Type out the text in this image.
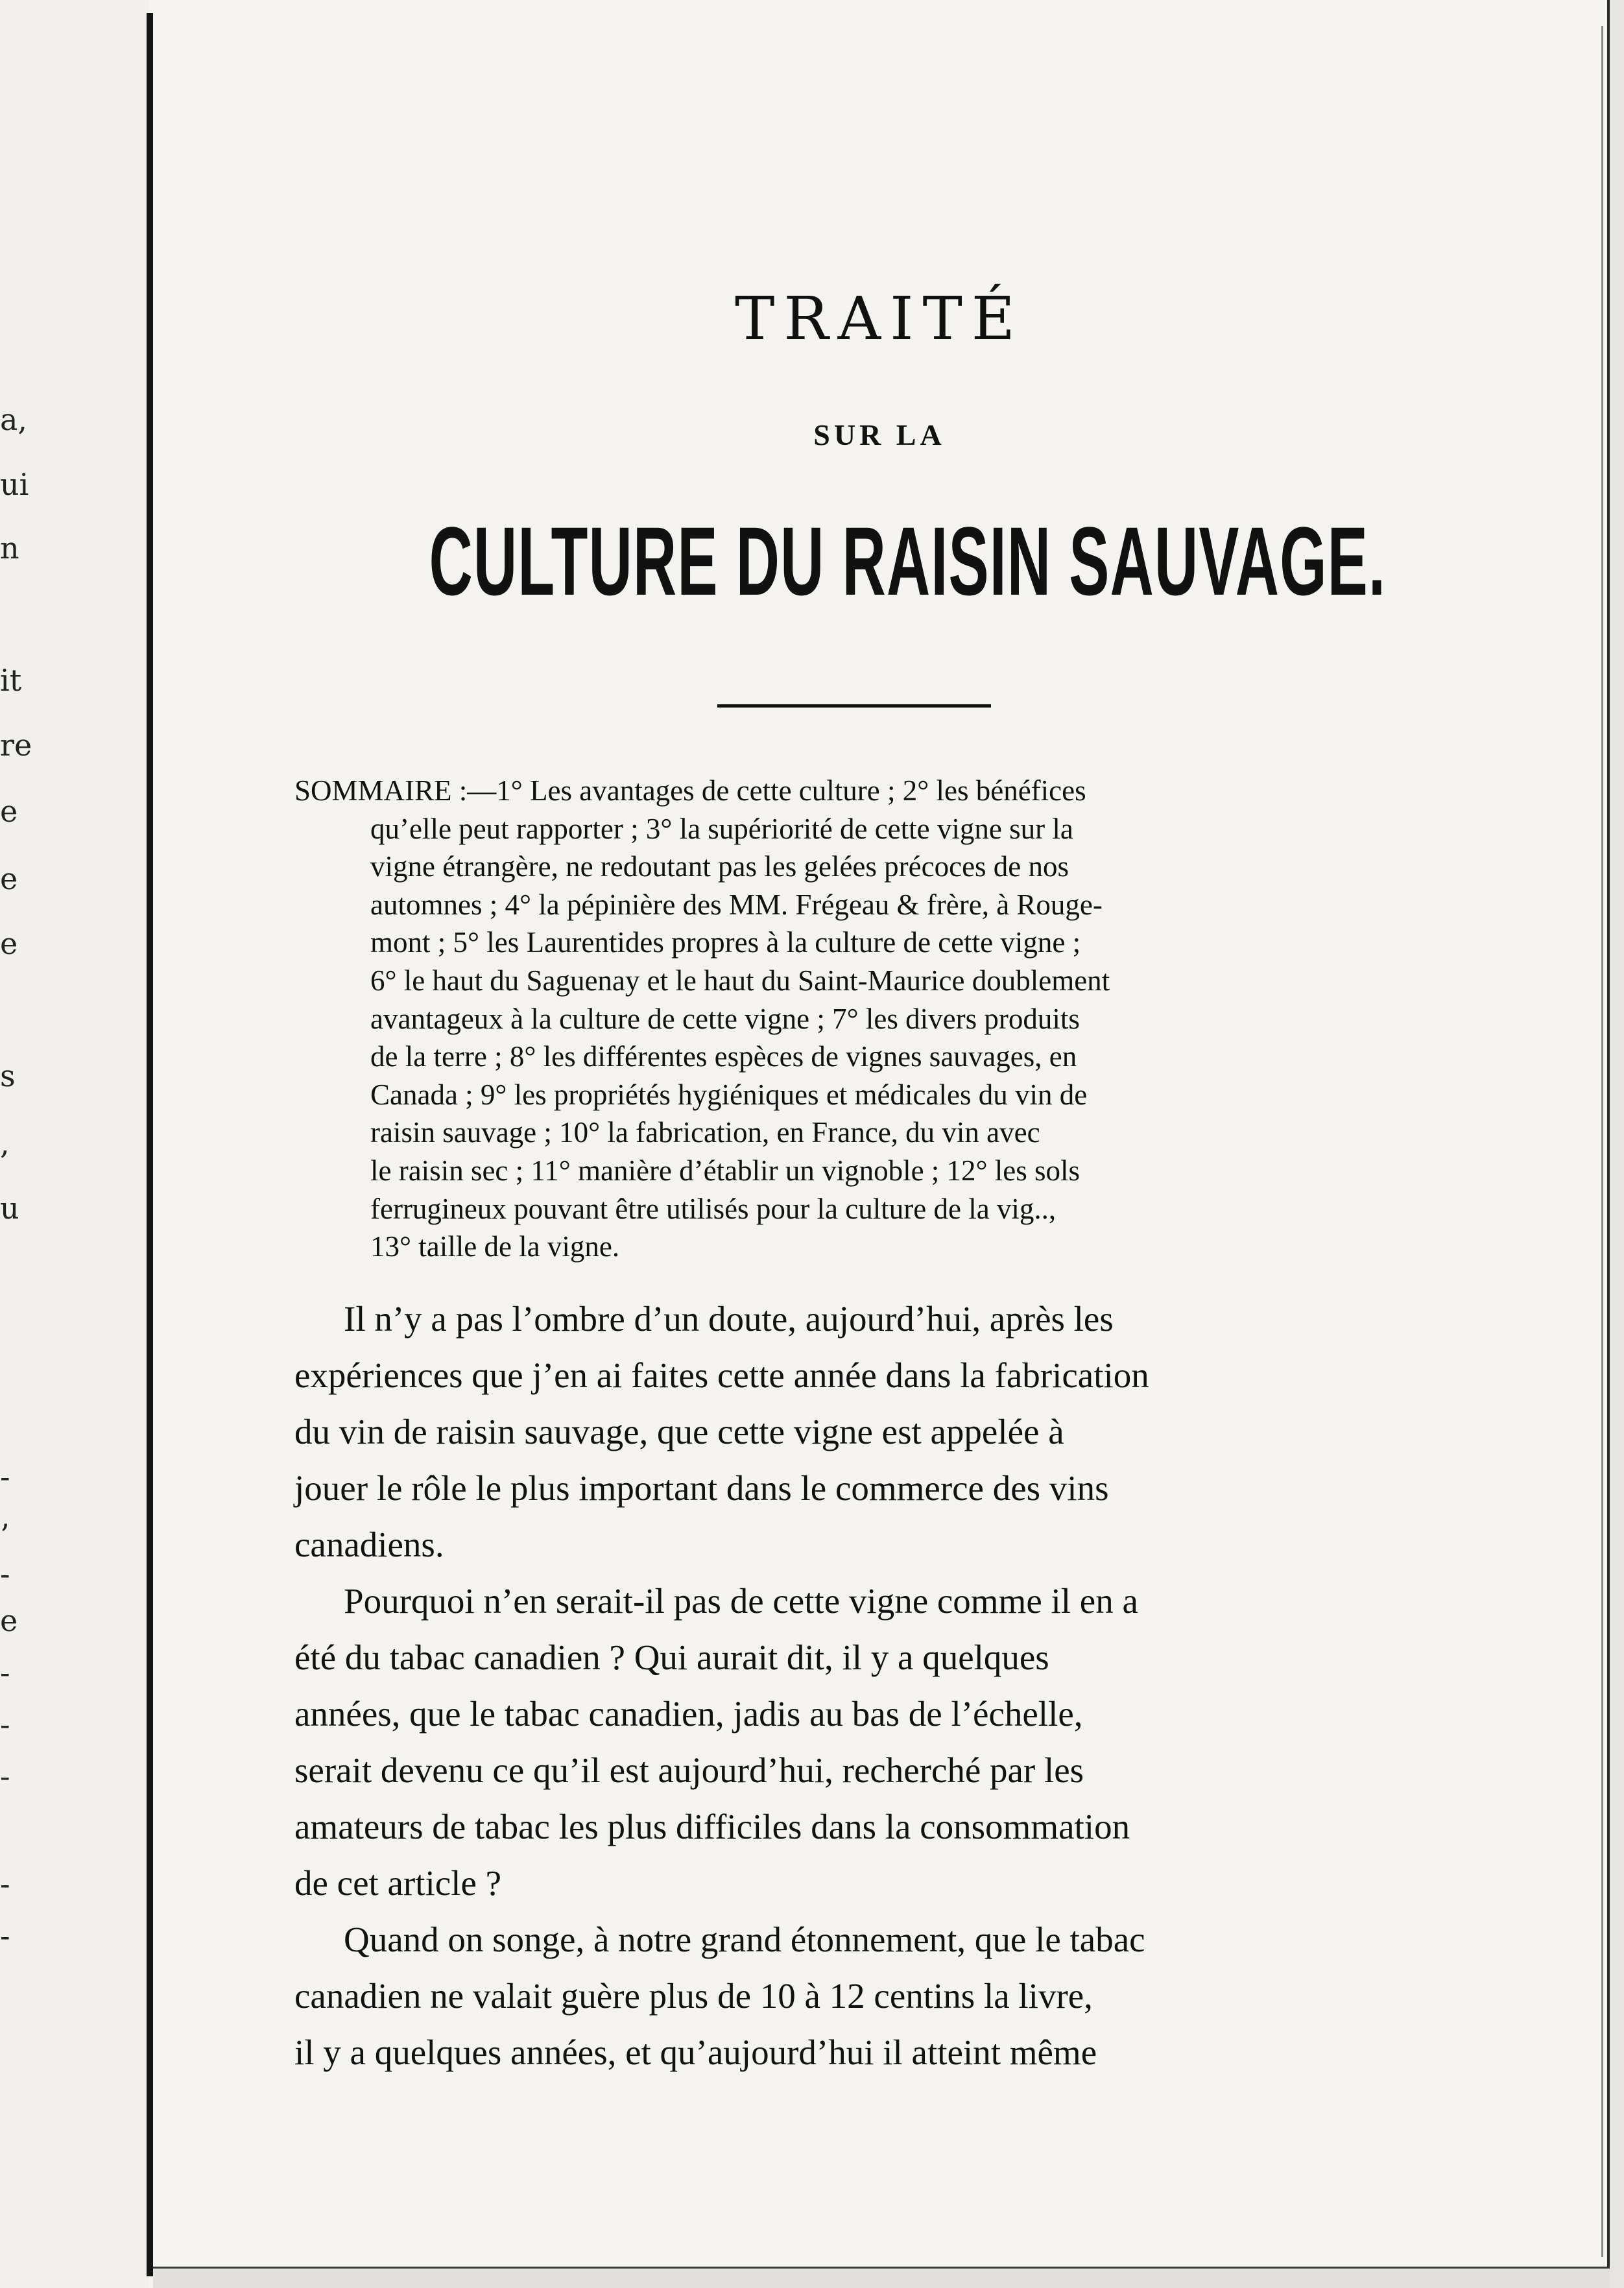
a,
ui
n
it
re
e
e
e
s
,
u
-
’
-
e
-
-
-
-
-
TRAITÉ
SUR LA
CULTURE DU RAISIN SAUVAGE.
SOMMAIRE :—1° Les avantages de cette culture ; 2° les bénéfices
qu’elle peut rapporter ; 3° la supériorité de cette vigne sur la
vigne étrangère, ne redoutant pas les gelées précoces de nos
automnes ; 4° la pépinière des MM. Frégeau & frère, à Rouge-
mont ; 5° les Laurentides propres à la culture de cette vigne ;
6° le haut du Saguenay et le haut du Saint-Maurice doublement
avantageux à la culture de cette vigne ; 7° les divers produits
de la terre ; 8° les différentes espèces de vignes sauvages, en
Canada ; 9° les propriétés hygiéniques et médicales du vin de
raisin sauvage ; 10° la fabrication, en France, du vin avec
le raisin sec ; 11° manière d’établir un vignoble ; 12° les sols
ferrugineux pouvant être utilisés pour la culture de la vig..,
13° taille de la vigne.
Il n’y a pas l’ombre d’un doute, aujourd’hui, après les
expériences que j’en ai faites cette année dans la fabrication
du vin de raisin sauvage, que cette vigne est appelée à
jouer le rôle le plus important dans le commerce des vins
canadiens.
Pourquoi n’en serait-il pas de cette vigne comme il en a
été du tabac canadien ? Qui aurait dit, il y a quelques
années, que le tabac canadien, jadis au bas de l’échelle,
serait devenu ce qu’il est aujourd’hui, recherché par les
amateurs de tabac les plus difficiles dans la consommation
de cet article ?
Quand on songe, à notre grand étonnement, que le tabac
canadien ne valait guère plus de 10 à 12 centins la livre,
il y a quelques années, et qu’aujourd’hui il atteint même
